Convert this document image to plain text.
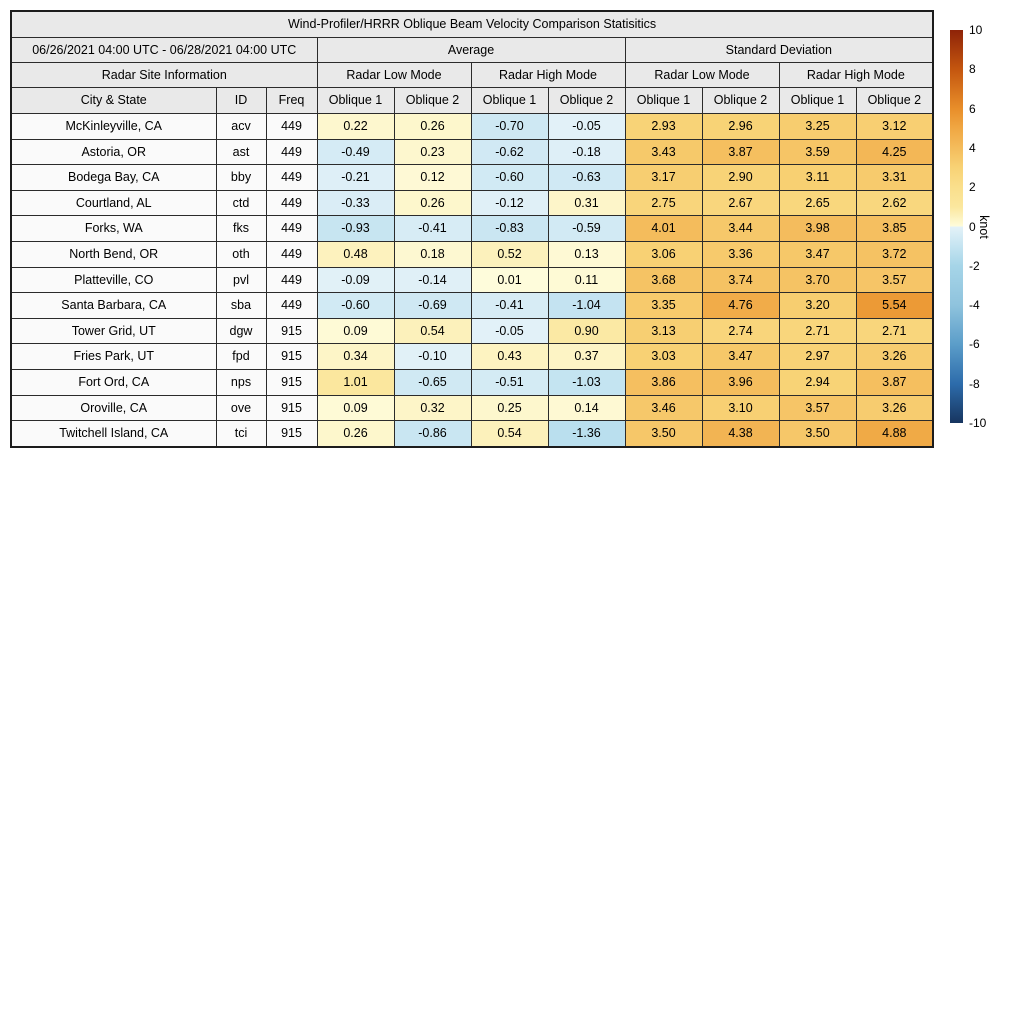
Wind-Profiler/HRRR Oblique Beam Velocity Comparison Statisitics										
06/26/2021 04:00 UTC - 06/28/2021 04:00 UTC			Average				Standard Deviation			
Radar Site Information			Radar Low Mode		Radar High Mode		Radar Low Mode		Radar High Mode	
City & State	ID	Freq	Oblique 1	Oblique 2	Oblique 1	Oblique 2	Oblique 1	Oblique 2	Oblique 1	Oblique 2
McKinleyville, CA	acv	449	0.22	0.26	-0.70	-0.05	2.93	2.96	3.25	3.12
Astoria, OR	ast	449	-0.49	0.23	-0.62	-0.18	3.43	3.87	3.59	4.25
Bodega Bay, CA	bby	449	-0.21	0.12	-0.60	-0.63	3.17	2.90	3.11	3.31
Courtland, AL	ctd	449	-0.33	0.26	-0.12	0.31	2.75	2.67	2.65	2.62
Forks, WA	fks	449	-0.93	-0.41	-0.83	-0.59	4.01	3.44	3.98	3.85
North Bend, OR	oth	449	0.48	0.18	0.52	0.13	3.06	3.36	3.47	3.72
Platteville, CO	pvl	449	-0.09	-0.14	0.01	0.11	3.68	3.74	3.70	3.57
Santa Barbara, CA	sba	449	-0.60	-0.69	-0.41	-1.04	3.35	4.76	3.20	5.54
Tower Grid, UT	dgw	915	0.09	0.54	-0.05	0.90	3.13	2.74	2.71	2.71
Fries Park, UT	fpd	915	0.34	-0.10	0.43	0.37	3.03	3.47	2.97	3.26
Fort Ord, CA	nps	915	1.01	-0.65	-0.51	-1.03	3.86	3.96	2.94	3.87
Oroville, CA	ove	915	0.09	0.32	0.25	0.14	3.46	3.10	3.57	3.26
Twitchell Island, CA	tci	915	0.26	-0.86	0.54	-1.36	3.50	4.38	3.50	4.88
10
8
6
4
2
0
-2
-4
-6
-8
-10
knot
